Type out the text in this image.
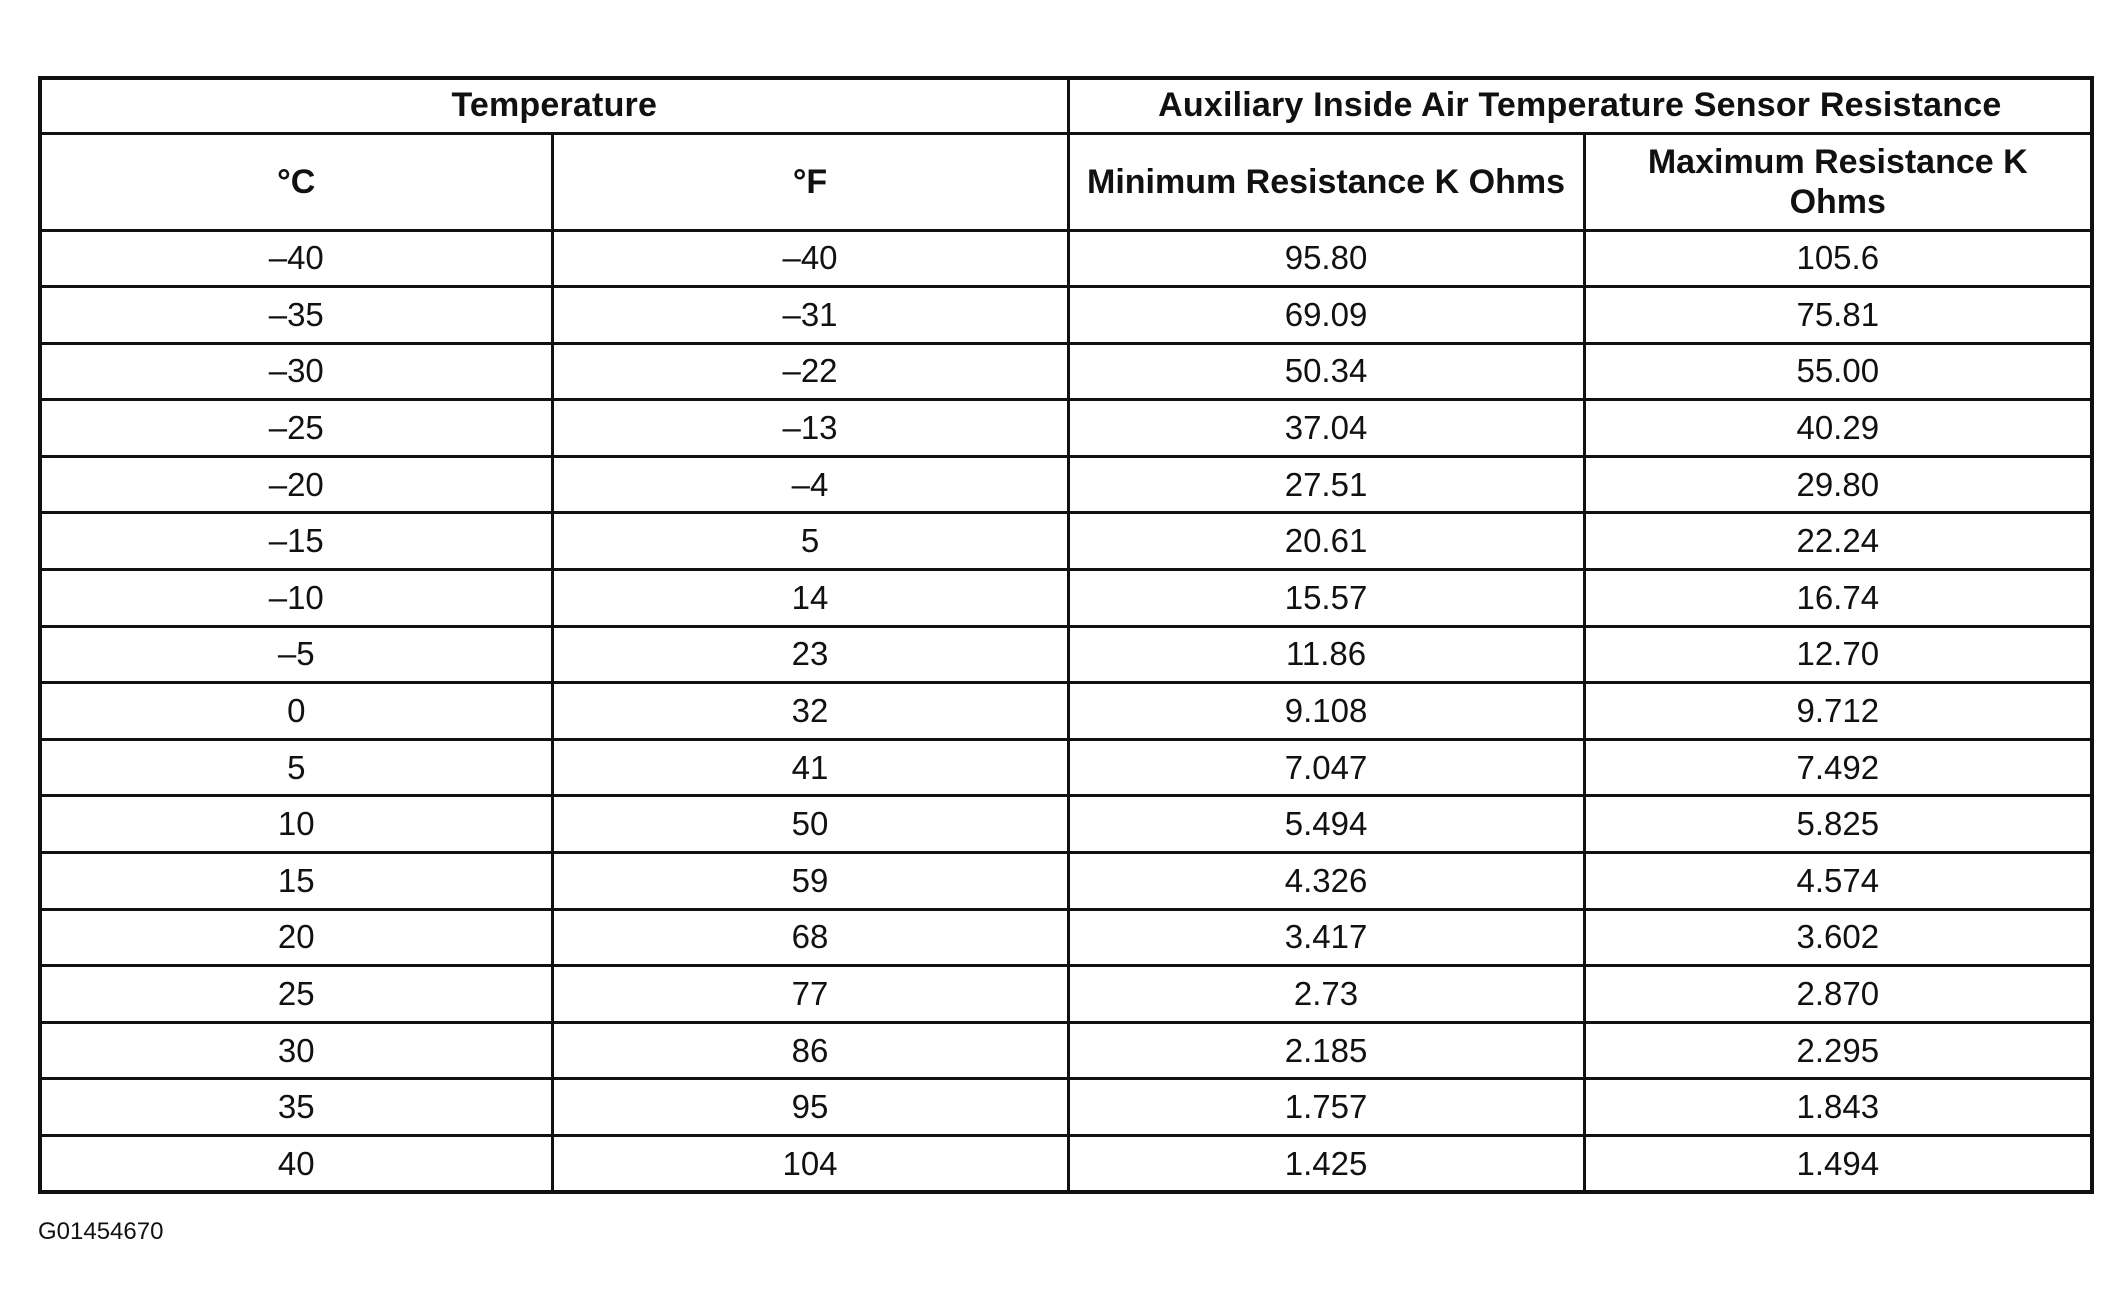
Temperature		Auxiliary Inside Air Temperature Sensor Resistance	
°C	°F	Minimum Resistance K Ohms	Maximum Resistance K Ohms
–40	–40	95.80	105.6
–35	–31	69.09	75.81
–30	–22	50.34	55.00
–25	–13	37.04	40.29
–20	–4	27.51	29.80
–15	5	20.61	22.24
–10	14	15.57	16.74
–5	23	11.86	12.70
0	32	9.108	9.712
5	41	7.047	7.492
10	50	5.494	5.825
15	59	4.326	4.574
20	68	3.417	3.602
25	77	2.73	2.870
30	86	2.185	2.295
35	95	1.757	1.843
40	104	1.425	1.494
G01454670
